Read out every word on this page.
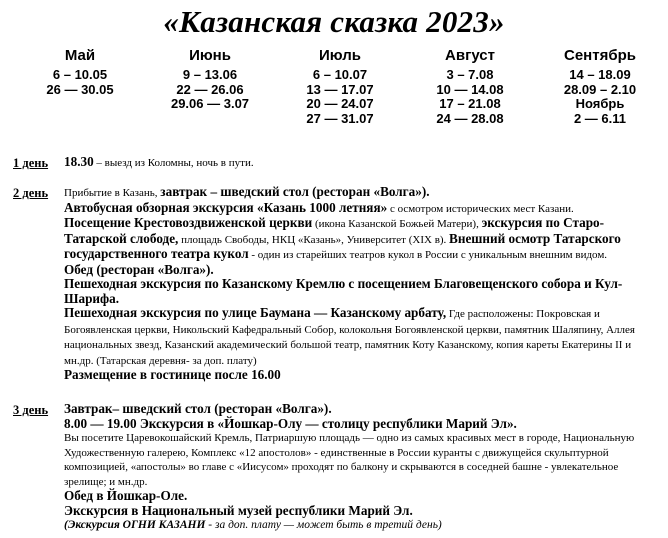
«Казанская сказка 2023»
Май
6 – 10.05
26 — 30.05
Июнь
9 – 13.06
22 — 26.06
29.06 — 3.07
Июль
6 – 10.07
13 — 17.07
20 — 24.07
27 — 31.07
Август
3 – 7.08
10 — 14.08
17 – 21.08
24 — 28.08
Сентябрь
14 – 18.09
28.09 – 2.10
Ноябрь
2 — 6.11
1 день 18.30 – выезд из Коломны, ночь в пути.
2 день Прибытие в Казань, завтрак – шведский стол (ресторан «Волга»).
Автобусная обзорная экскурсия «Казань 1000 летняя» с осмотром исторических мест Казани.
Посещение Крестовоздвиженской церкви (икона Казанской Божьей Матери), экскурсия по Старо-Татарской слободе, площадь Свободы, НКЦ «Казань», Университет (XIX в). Внешний осмотр Татарского государственного театра кукол - один из старейших театров кукол в России с уникальным внешним видом.
Обед (ресторан «Волга»).
Пешеходная экскурсия по Казанскому Кремлю с посещением Благовещенского собора и Кул-Шарифа.
Пешеходная экскурсия по улице Баумана — Казанскому арбату, Где расположены: Покровская и Богоявленская церкви, Никольский Кафедральный Собор, колокольня Богоявленской церкви, памятник Шаляпину, Аллея национальных звезд, Казанский академический большой театр, памятник Коту Казанскому, копия кареты Екатерины II и мн.др. (Татарская деревня- за доп. плату)
Размещение в гостинице после 16.00
3 день Завтрак– шведский стол (ресторан «Волга»).
8.00 — 19.00 Экскурсия в «Йошкар-Олу — столицу республики Марий Эл».
Вы посетите Царевокошайский Кремль, Патриаршую площадь — одно из самых красивых мест в городе, Национальную Художественную галерею, Комплекс «12 апостолов» - единственные в России куранты с движущейся скульптурной композицией, «апостолы» во главе с «Иисусом» проходят по балкону и скрываются в соседней башне - увлекательное зрелище; и мн.др.
Обед в Йошкар-Оле.
Экскурсия в Национальный музей республики Марий Эл.
(Экскурсия ОГНИ КАЗАНИ - за доп. плату — может быть в третий день)
